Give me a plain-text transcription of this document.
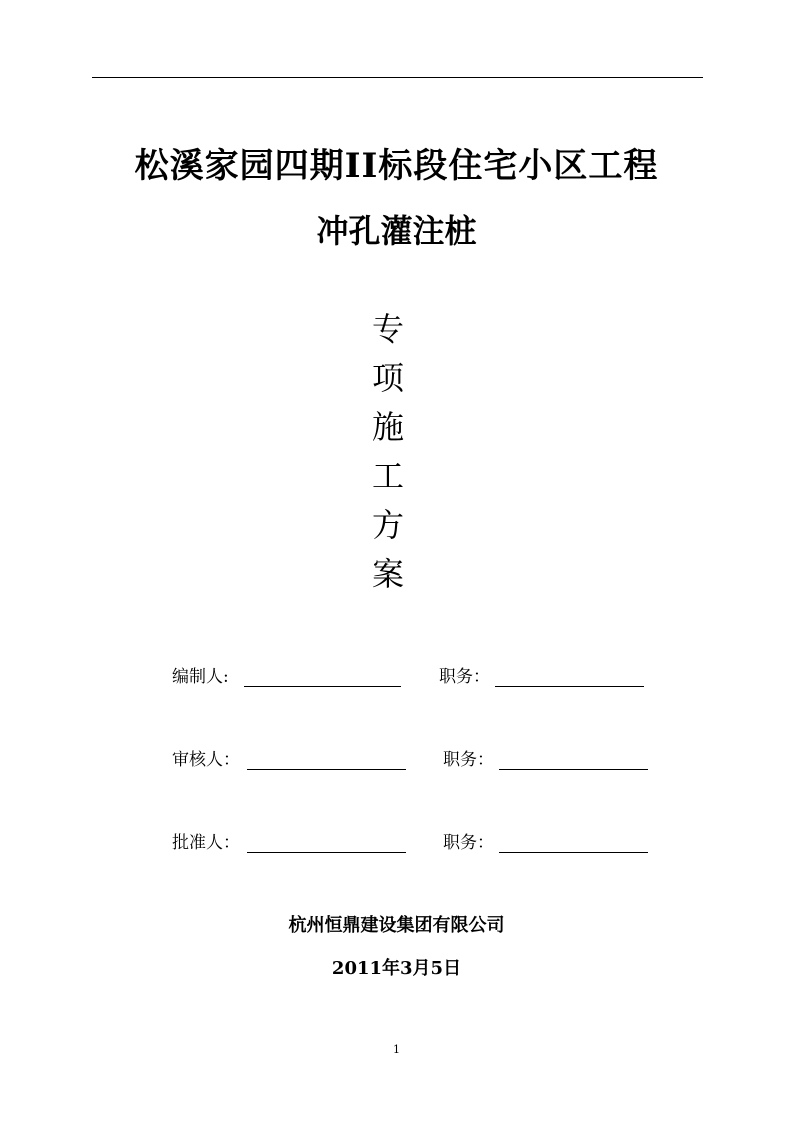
松溪家园四期II标段住宅小区工程
冲孔灌注桩
专
项
施
工
方
案
编制人:	职务：
审核人：	职务：
批准人：	职务：
杭州恒鼎建设集团有限公司
2011年3月5日
1
